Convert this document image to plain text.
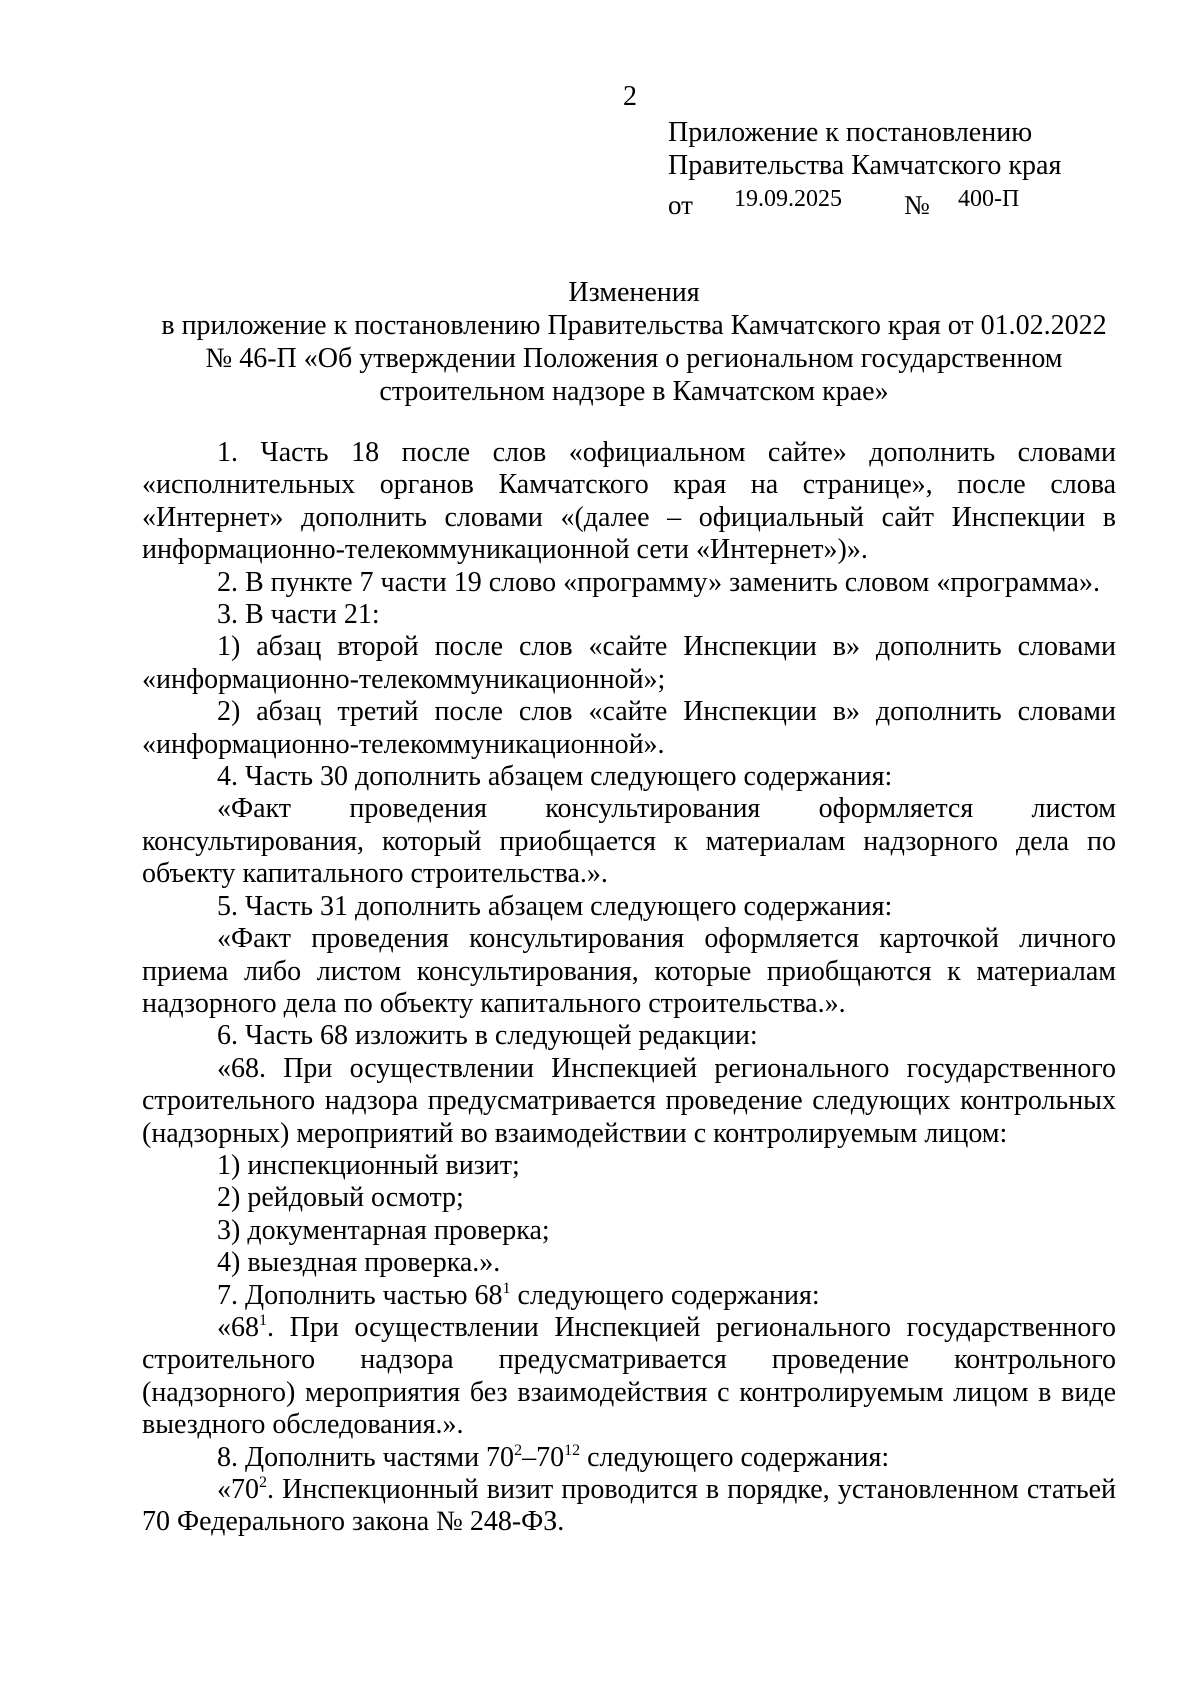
2
Приложение к постановлению
Правительства Камчатского края
от 19.09.2025 № 400-П
Изменения
в приложение к постановлению Правительства Камчатского края от 01.02.2022
№ 46-П «Об утверждении Положения о региональном государственном
строительном надзоре в Камчатском крае»

1. Часть 18 после слов «официальном сайте» дополнить словами «исполнительных органов Камчатского края на странице», после слова «Интернет» дополнить словами «(далее – официальный сайт Инспекции в информационно-телекоммуникационной сети «Интернет»)».

2. В пункте 7 части 19 слово «программу» заменить словом «программа».

3. В части 21:

1) абзац второй после слов «сайте Инспекции в» дополнить словами «информационно-телекоммуникационной»;

2) абзац третий после слов «сайте Инспекции в» дополнить словами «информационно-телекоммуникационной».

4. Часть 30 дополнить абзацем следующего содержания:

«Факт проведения консультирования оформляется листом консультирования, который приобщается к материалам надзорного дела по объекту капитального строительства.».

5. Часть 31 дополнить абзацем следующего содержания:

«Факт проведения консультирования оформляется карточкой личного приема либо листом консультирования, которые приобщаются к материалам надзорного дела по объекту капитального строительства.».

6. Часть 68 изложить в следующей редакции:

«68. При осуществлении Инспекцией регионального государственного строительного надзора предусматривается проведение следующих контрольных (надзорных) мероприятий во взаимодействии с контролируемым лицом:

1) инспекционный визит;

2) рейдовый осмотр;

3) документарная проверка;

4) выездная проверка.».

7. Дополнить частью $68^1$ следующего содержания:

«$68^1$. При осуществлении Инспекцией регионального государственного строительного надзора предусматривается проведение контрольного (надзорного) мероприятия без взаимодействия с контролируемым лицом в виде выездного обследования.».

8. Дополнить частями $70^2-70^{12}$ следующего содержания:

«$70^2$. Инспекционный визит проводится в порядке, установленном статьей 70 Федерального закона № 248-ФЗ.
